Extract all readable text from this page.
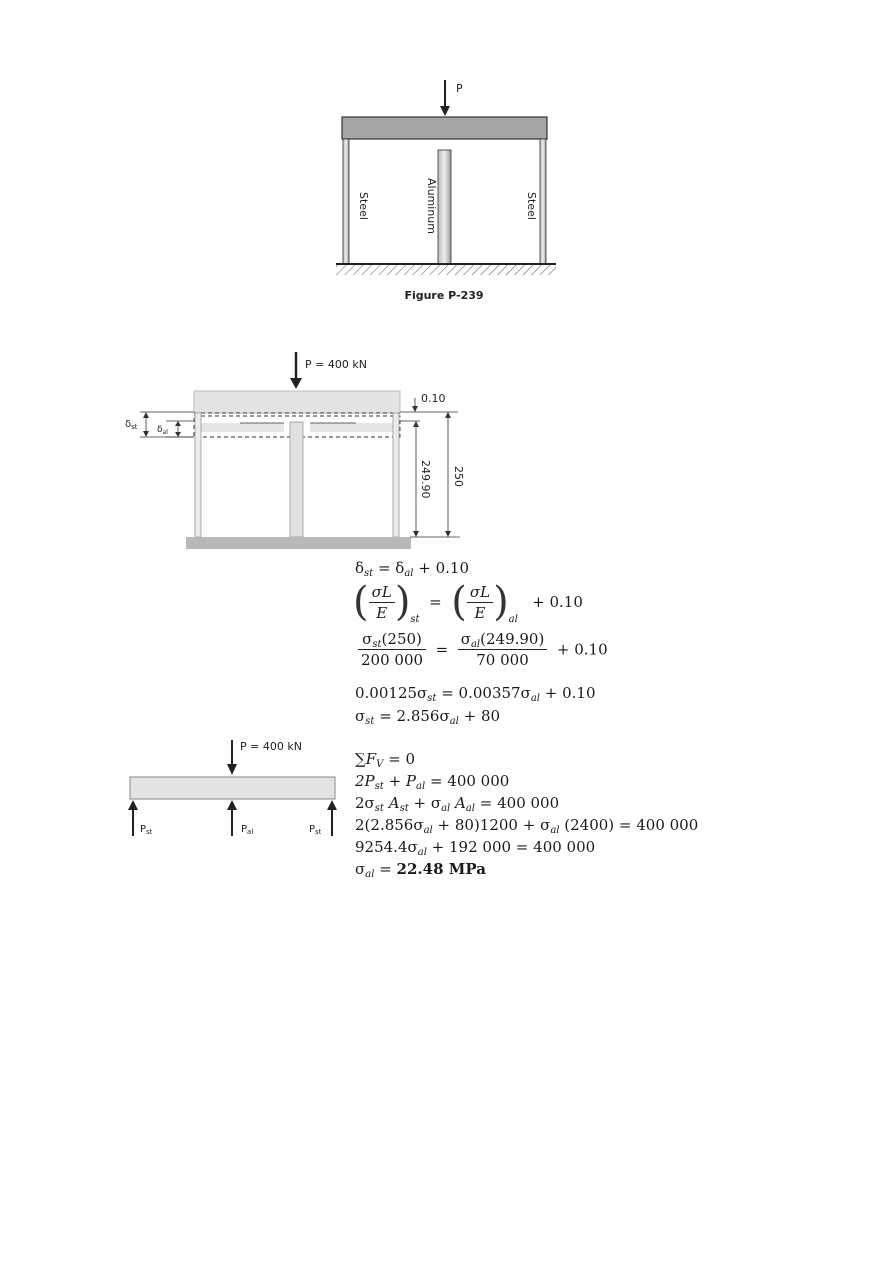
P
Steel	Aluminum	Steel
Figure P-239
P = 400 kN
$\delta_{st}$ $\delta_{al}$
0.10
249.90 250
$\delta_{st} = \delta_{al} + 0.10$
( $\frac{\sigma L}{E} )_{st}$  = ( $\frac{\sigma L}{E} )_{al} + 0.10$
$\frac{\sigma_{st}(250)}{200 000} = \frac{\sigma_{al}(249.90)}{70 000} + 0.10$
$0.00125\sigma_{st} = 0.00357\sigma_{al} + 0.10$
$\sigma_{st} = 2.856\sigma_{al} + 80$
P = 400 kN
$P_{st}$	$P_{al}$	$P_{st}$
$\sum F_V = 0$
$2P_{st} + P_{al} = 400$ 000
$2\sigma_{st}$ $A_{st} + \sigma_{al}$ $A_{al} = 400$ 000
$2(2.856\sigma_{al} + 80)1200 + \sigma_{al}$ (2400) = 400 000
$9254.4\sigma_{al} + 192$ 000 = 400 000
$\sigma_{al} = 22.48$ MPa
